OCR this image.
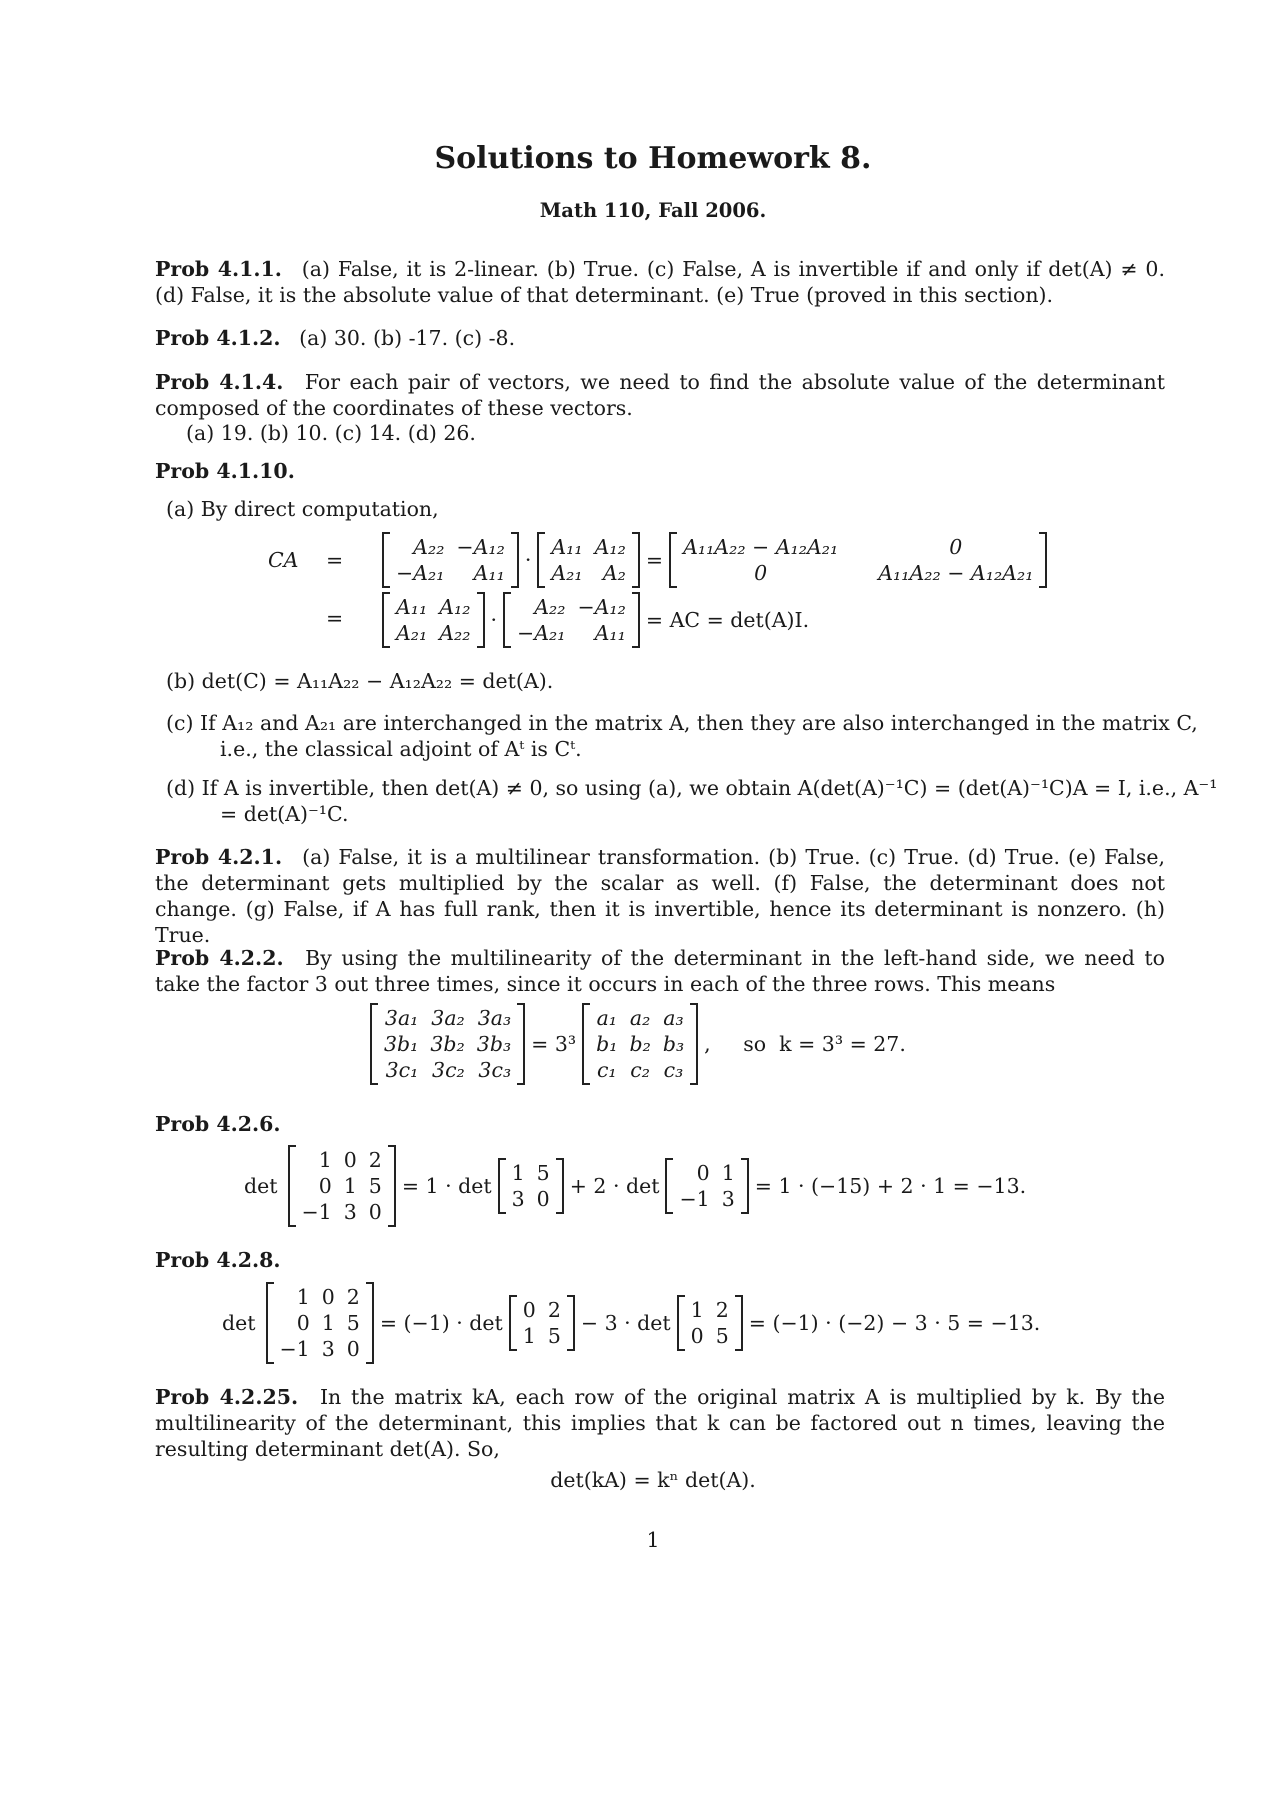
Solutions to Homework 8.
Math 110, Fall 2006.
Prob 4.1.1. (a) False, it is 2-linear. (b) True. (c) False, A is invertible if and only if det(A) ≠ 0. (d) False, it is the absolute value of that determinant. (e) True (proved in this section).
Prob 4.1.2. (a) 30. (b) -17. (c) -8.
Prob 4.1.4. For each pair of vectors, we need to find the absolute value of the determinant composed of the coordinates of these vectors.
(a) 19. (b) 10. (c) 14. (d) 26.
Prob 4.1.10.
(a) By direct computation,
CA	=
A₂₂	−A₁₂
−A₂₁	A₁₁
·
A₁₁	A₁₂
A₂₁	A₂
=
A₁₁A₂₂ − A₁₂A₂₁	0
0	A₁₁A₂₂ − A₁₂A₂₁
A₁₁	A₁₂
A₂₁	A₂₂
·
A₂₂	−A₁₂
−A₂₁	A₁₁
= AC = det(A)I.
=
(b) det(C) = A₁₁A₂₂ − A₁₂A₂₂ = det(A).
(c) If A₁₂ and A₂₁ are interchanged in the matrix A, then they are also interchanged in the matrix C, i.e., the classical adjoint of Aᵗ is Cᵗ.
(d) If A is invertible, then det(A) ≠ 0, so using (a), we obtain A(det(A)⁻¹C) = (det(A)⁻¹C)A = I, i.e., A⁻¹ = det(A)⁻¹C.
Prob 4.2.1. (a) False, it is a multilinear transformation. (b) True. (c) True. (d) True. (e) False, the determinant gets multiplied by the scalar as well. (f) False, the determinant does not change. (g) False, if A has full rank, then it is invertible, hence its determinant is nonzero. (h) True.
Prob 4.2.2. By using the multilinearity of the determinant in the left-hand side, we need to take the factor 3 out three times, since it occurs in each of the three rows. This means
3a₁	3a₂	3a₃
3b₁	3b₂	3b₃
3c₁	3c₂	3c₃
= 3³
a₁	a₂	a₃
b₁	b₂	b₃
c₁	c₂	c₃
,     so  k = 3³ = 27.
Prob 4.2.6.
det
1	0	2
0	1	5
−1	3	0
= 1 · det
1	5
3	0
+ 2 · det
0	1
−1	3
= 1 · (−15) + 2 · 1 = −13.
Prob 4.2.8.
det
1	0	2
0	1	5
−1	3	0
= (−1) · det
0	2
1	5
− 3 · det
1	2
0	5
= (−1) · (−2) − 3 · 5 = −13.
Prob 4.2.25. In the matrix kA, each row of the original matrix A is multiplied by k. By the multilinearity of the determinant, this implies that k can be factored out n times, leaving the resulting determinant det(A). So,
det(kA) = kⁿ det(A).
1
